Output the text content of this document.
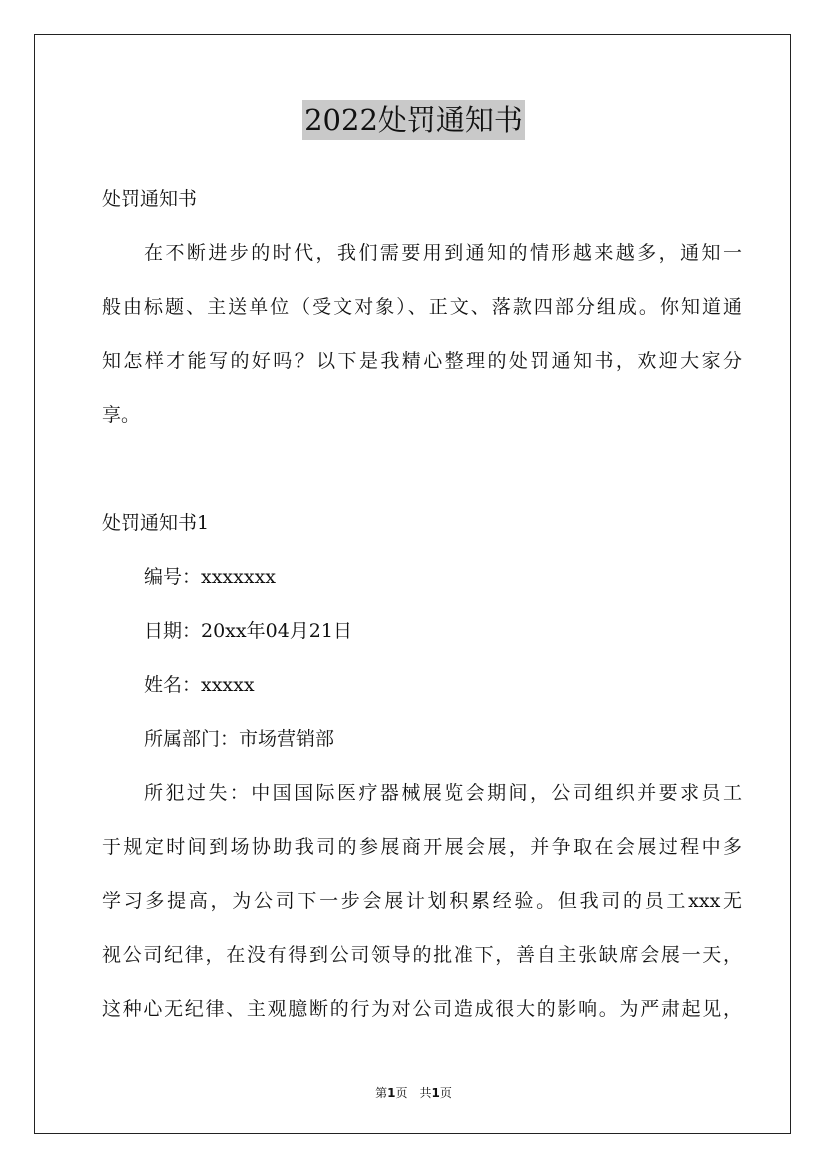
2022处罚通知书
处罚通知书
在不断进步的时代，我们需要用到通知的情形越来越多，通知一
般由标题、主送单位（受文对象）、正文、落款四部分组成。你知道通
知怎样才能写的好吗？以下是我精心整理的处罚通知书，欢迎大家分
享。
处罚通知书1
编号：xxxxxxx
日期：20xx年04月21日
姓名：xxxxx
所属部门：市场营销部
所犯过失：中国国际医疗器械展览会期间，公司组织并要求员工
于规定时间到场协助我司的参展商开展会展，并争取在会展过程中多
学习多提高，为公司下一步会展计划积累经验。但我司的员工xxx无
视公司纪律，在没有得到公司领导的批准下，善自主张缺席会展一天，
这种心无纪律、主观臆断的行为对公司造成很大的影响。为严肃起见，
第1页　共1页
